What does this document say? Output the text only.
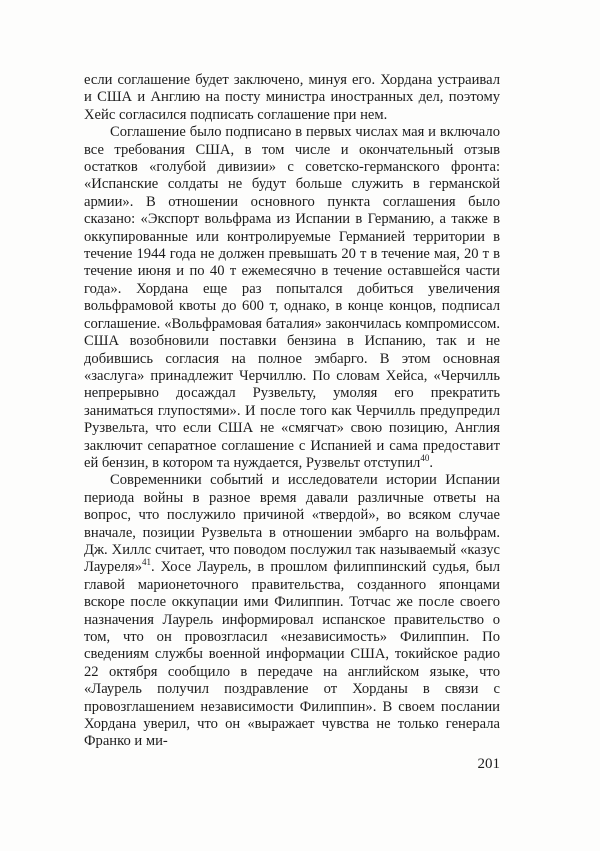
если соглашение будет заключено, минуя его. Хордана устраивал и США и Англию на посту министра иностранных дел, поэтому Хейс согласился подписать соглашение при нем.

Соглашение было подписано в первых числах мая и включало все требования США, в том числе и окончательный отзыв остатков «голубой дивизии» с советско-германского фронта: «Испанские солдаты не будут больше служить в германской армии». В отношении основного пункта соглашения было сказано: «Экспорт вольфрама из Испании в Германию, а также в оккупированные или контролируемые Германией территории в течение 1944 года не должен превышать 20 т в течение мая, 20 т в течение июня и по 40 т ежемесячно в течение оставшейся части года». Хордана еще раз попытался добиться увеличения вольфрамовой квоты до 600 т, однако, в конце концов, подписал соглашение. «Вольфрамовая баталия» закончилась компромиссом. США возобновили поставки бензина в Испанию, так и не добившись согласия на полное эмбарго. В этом основная «заслуга» принадлежит Черчиллю. По словам Хейса, «Черчилль непрерывно досаждал Рузвельту, умоляя его прекратить заниматься глупостями». И после того как Черчилль предупредил Рузвельта, что если США не «смягчат» свою позицию, Англия заключит сепаратное соглашение с Испанией и сама предоставит ей бензин, в котором та нуждается, Рузвельт отступил$^{40}$.

Современники событий и исследователи истории Испании периода войны в разное время давали различные ответы на вопрос, что послужило причиной «твердой», во всяком случае вначале, позиции Рузвельта в отношении эмбарго на вольфрам. Дж. Хиллс считает, что поводом послужил так называемый «казус Лауреля»$^{41}$. Хосе Лаурель, в прошлом филиппинский судья, был главой марионеточного правительства, созданного японцами вскоре после оккупации ими Филиппин. Тотчас же после своего назначения Лаурель информировал испанское правительство о том, что он провозгласил «независимость» Филиппин. По сведениям службы военной информации США, токийское радио 22 октября сообщило в передаче на английском языке, что «Лаурель получил поздравление от Хорданы в связи с провозглашением независимости Филиппин». В своем послании Хордана уверил, что он «выражает чувства не только генерала Франко и ми-

201
